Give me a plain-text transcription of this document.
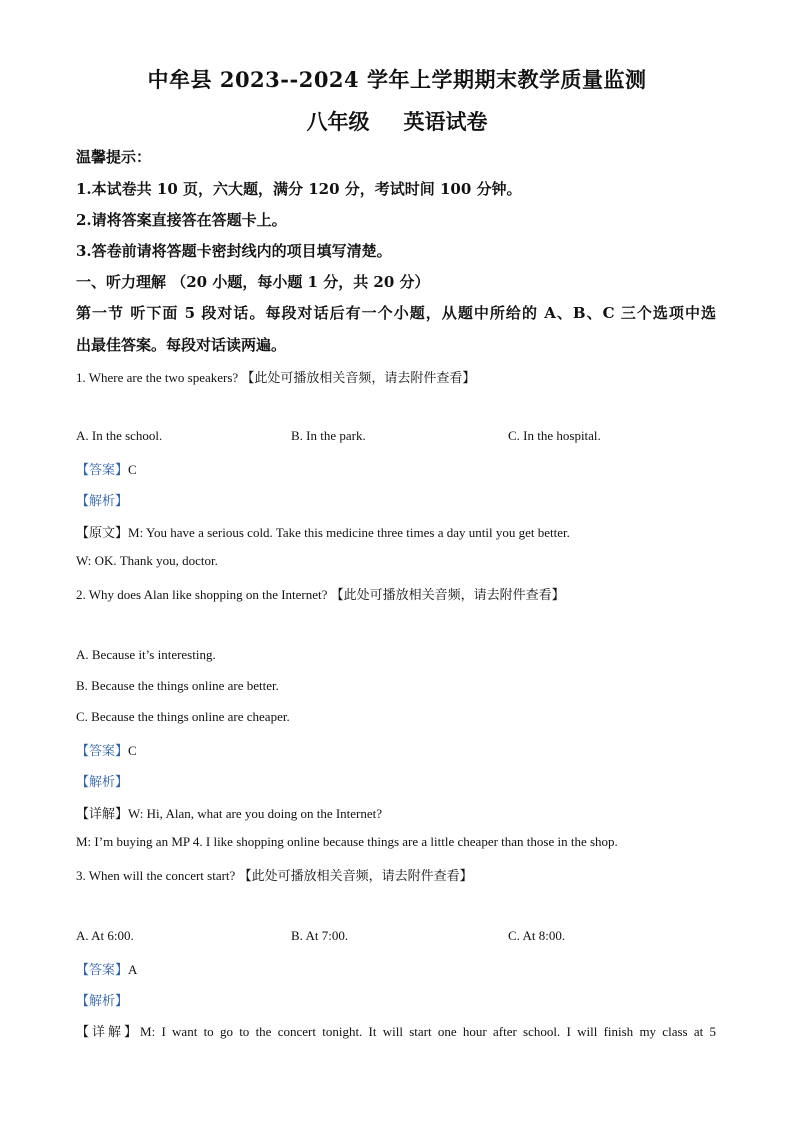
中牟县 2023--2024 学年上学期期末教学质量监测
八年级 英语试卷
温馨提示：
1.本试卷共 10 页，六大题，满分 120 分，考试时间 100 分钟。
2.请将答案直接答在答题卡上。
3.答卷前请将答题卡密封线内的项目填写清楚。
一、听力理解 （20 小题，每小题 1 分，共 20 分）
第一节 听下面 5 段对话。每段对话后有一个小题，从题中所给的 A、B、C 三个选项中选
出最佳答案。每段对话读两遍。
1. Where are the two speakers? 【此处可播放相关音频，请去附件查看】
A. In the school.	B. In the park.	C. In the hospital.
【答案】C
【解析】
【原文】M: You have a serious cold. Take this medicine three times a day until you get better.
W: OK. Thank you, doctor.
2. Why does Alan like shopping on the Internet? 【此处可播放相关音频，请去附件查看】
A. Because it’s interesting.
B. Because the things online are better.
C. Because the things online are cheaper.
【答案】C
【解析】
【详解】W: Hi, Alan, what are you doing on the Internet?
M: I’m buying an MP 4. I like shopping online because things are a little cheaper than those in the shop.
3. When will the concert start? 【此处可播放相关音频，请去附件查看】
A. At 6:00.	B. At 7:00.	C. At 8:00.
【答案】A
【解析】
【详解】M: I want to go to the concert tonight. It will start one hour after school. I will finish my class at 5
